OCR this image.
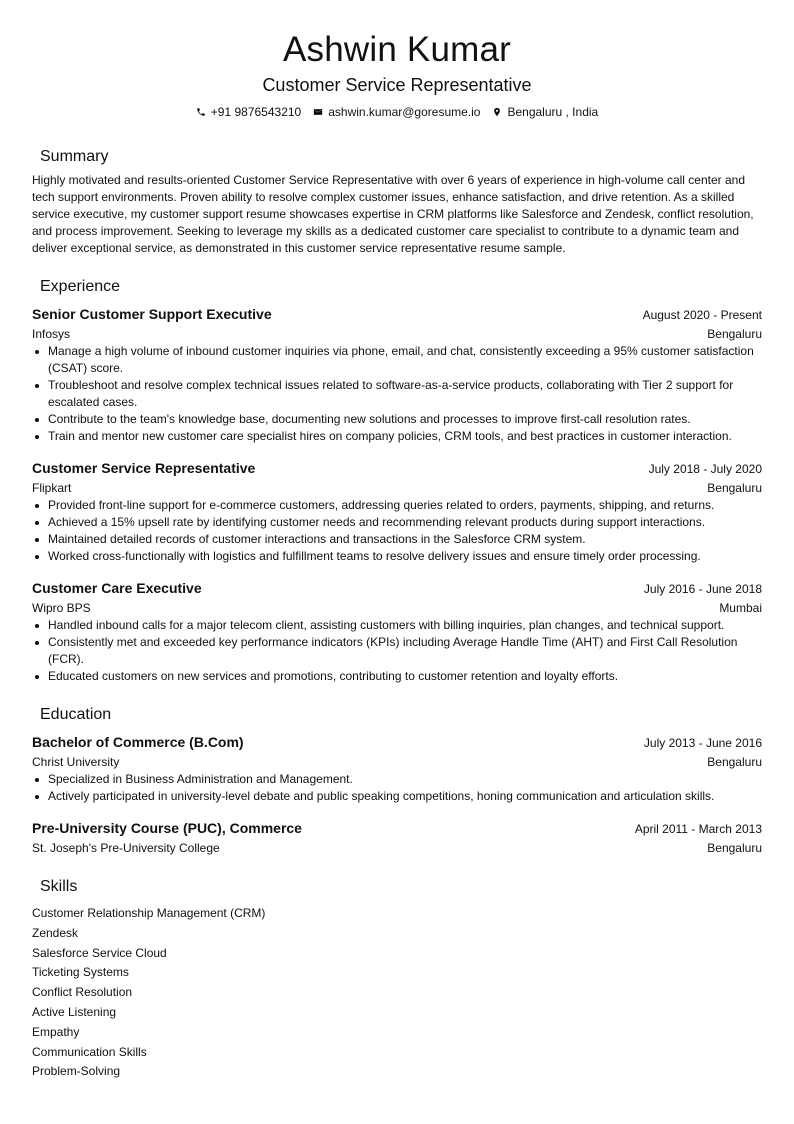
Ashwin Kumar
Customer Service Representative
+91 9876543210 ashwin.kumar@goresume.io Bengaluru , India
Summary

Highly motivated and results-oriented Customer Service Representative with over 6 years of experience in high-volume call center and tech support environments. Proven ability to resolve complex customer issues, enhance satisfaction, and drive retention. As a skilled service executive, my customer support resume showcases expertise in CRM platforms like Salesforce and Zendesk, conflict resolution, and process improvement. Seeking to leverage my skills as a dedicated customer care specialist to contribute to a dynamic team and deliver exceptional service, as demonstrated in this customer service representative resume sample.

Experience
Senior Customer Support Executive	August 2020 - Present
Infosys	Bengaluru
Manage a high volume of inbound customer inquiries via phone, email, and chat, consistently exceeding a 95% customer satisfaction (CSAT) score.
Troubleshoot and resolve complex technical issues related to software-as-a-service products, collaborating with Tier 2 support for escalated cases.
Contribute to the team's knowledge base, documenting new solutions and processes to improve first-call resolution rates.
Train and mentor new customer care specialist hires on company policies, CRM tools, and best practices in customer interaction.
Customer Service Representative	July 2018 - July 2020
Flipkart	Bengaluru
Provided front-line support for e-commerce customers, addressing queries related to orders, payments, shipping, and returns.
Achieved a 15% upsell rate by identifying customer needs and recommending relevant products during support interactions.
Maintained detailed records of customer interactions and transactions in the Salesforce CRM system.
Worked cross-functionally with logistics and fulfillment teams to resolve delivery issues and ensure timely order processing.
Customer Care Executive	July 2016 - June 2018
Wipro BPS	Mumbai
Handled inbound calls for a major telecom client, assisting customers with billing inquiries, plan changes, and technical support.
Consistently met and exceeded key performance indicators (KPIs) including Average Handle Time (AHT) and First Call Resolution (FCR).
Educated customers on new services and promotions, contributing to customer retention and loyalty efforts.
Education
Bachelor of Commerce (B.Com)	July 2013 - June 2016
Christ University	Bengaluru
Specialized in Business Administration and Management.
Actively participated in university-level debate and public speaking competitions, honing communication and articulation skills.
Pre-University Course (PUC), Commerce	April 2011 - March 2013
St. Joseph's Pre-University College	Bengaluru
Skills
Customer Relationship Management (CRM)
Zendesk
Salesforce Service Cloud
Ticketing Systems
Conflict Resolution
Active Listening
Empathy
Communication Skills
Problem-Solving
